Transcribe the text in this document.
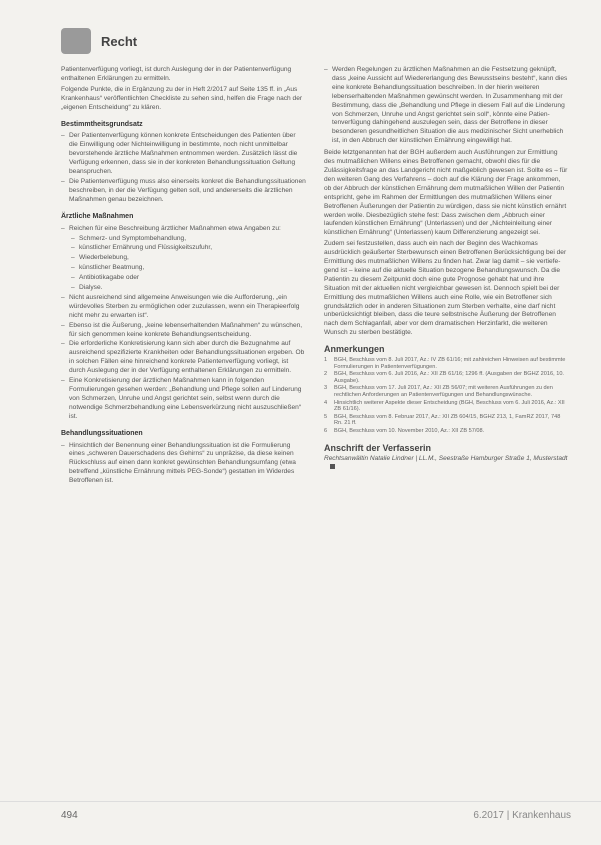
Recht

Patientenverfügung vorliegt, ist durch Auslegung der in der Patientenverfügung enthaltenen Erklärungen zu ermitteln.

Folgende Punkte, die in Ergänzung zu der in Heft 2/2017 auf Seite 135 ff. in „Aus Krankenhaus“ veröffentlichten Checkliste zu sehen sind, helfen die Frage nach der „eigenen Entscheidung“ zu klären.

Bestimmtheitsgrundsatz
– Der Patientenverfügung können konkrete Entscheidungen des Patienten über die Einwilligung oder Nichteinwilligung in bestimmte, noch nicht unmittelbar bevorstehende ärztliche Maßnahmen entnommen werden. Zusätzlich lässt die Verfügung erkennen, dass sie in der konkreten Behandlungssituation Geltung beanspruchen.
– Die Patientenverfügung muss also einerseits konkret die Behandlungssituationen beschreiben, in der die Verfügung gelten soll, und andererseits die ärztlichen Maßnahmen genau bezeichnen.
Ärztliche Maßnahmen
– Reichen für eine Beschreibung ärztlicher Maßnahmen etwa Angaben zu:
– Schmerz- und Symptombehandlung,
– künstlicher Ernährung und Flüssigkeitszufuhr,
– Wiederbelebung,
– künstlicher Beatmung,
– Antibiotikagabe oder
– Dialyse.
– Nicht ausreichend sind allgemeine Anweisungen wie die Aufforderung, „ein würdevolles Sterben zu ermöglichen oder zuzulassen, wenn ein Therapieerfolg nicht mehr zu erwarten ist“.
– Ebenso ist die Äußerung, „keine lebenserhaltenden Maßnahmen“ zu wünschen, für sich genommen keine konkrete Behandlungsentscheidung.
– Die erforderliche Konkretisierung kann sich aber durch die Bezugnahme auf ausreichend spezifizierte Krankheiten oder Behandlungssituationen ergeben. Ob in solchen Fällen eine hinreichend konkrete Patientenverfügung vorliegt, ist durch Auslegung der in der Verfügung enthaltenen Erklärungen zu ermitteln.
– Eine Konkretisierung der ärztlichen Maßnahmen kann in folgenden Formulierungen gesehen werden: „Behandlung und Pflege sollen auf Linderung von Schmerzen, Unruhe und Angst gerichtet sein, selbst wenn durch die notwendige Schmerzbehandlung eine Lebensverkürzung nicht auszuschließen“ ist.
Behandlungssituationen
– Hinsichtlich der Benennung einer Behandlungssituation ist die Formulierung eines „schweren Dauerschadens des Gehirns“ zu unpräzise, da diese keinen Rückschluss auf einen dann konkret gewünschten Behandlungsumfang (etwa betreffend „künstliche Ernährung mittels PEG-Sonde“) gestatten im Widerdes Betroffenen ist.
– Werden Regelungen zu ärztlichen Maßnahmen an die Festsetzung geknüpft, dass „keine Aussicht auf Wiedererlangung des Bewusstseins besteht“, kann dies eine konkrete Behandlungssituation beschreiben. In der hierin weiteren lebenserhaltenden Maßnahmen gewünscht werden. In Zusammenhang mit der Bestimmung, dass die „Behandlung und Pflege in diesem Fall auf die Linderung von Schmerzen, Unruhe und Angst gerichtet sein soll“, könnte eine Patientenverfügung dahingehend auszulegen sein, dass der Betroffene in dieser besonderen gesundheitlichen Situation die aus medizinischer Sicht unerheblich ist, in den Abbruch der künstlichen Ernährung eingewilligt hat.

Beide letztgenannten hat der BGH außerdem auch Ausführungen zur Ermittlung des mutmaßlichen Willens eines Betroffenen gemacht, obwohl dies für die Zulässigkeitsfrage an das Landgericht nicht maßgeblich gewesen ist. Sollte es – für den weiteren Gang des Verfahrens – doch auf die Klärung der Frage ankommen, ob der Abbruch der künstlichen Ernährung dem mutmaßlichen Willen der Patientin entspricht, gehe im Rahmen der Ermittlungen des mutmaßlichen Willens einer Betroffenen Äußerungen der Patientin zu würdigen, dass sie nicht künstlich ernährt werden wolle. Diesbezüglich stehe fest: Dass zwischen dem „Abbruch einer laufenden künstlichen Ernährung“ (Unterlassen) und der „Nichteinleitung einer künstlichen Ernährung“ (Unterlassen) kaum Differenzierung angezeigt sei.

Zudem sei festzustellen, dass auch ein nach der Beginn des Wachkomas ausdrücklich geäußerter Sterbewunsch einen Betroffenen Berücksichtigung bei der Ermittlung des mutmaßlichen Willens zu finden hat. Zwar lag damit – sie vertiefegend ist – keine auf die aktuelle Situation bezogene Behandlungswunsch. Da die Patientin zu diesem Zeitpunkt doch eine gute Prognose gehabt hat und ihre Situation mit der aktuellen nicht vergleichbar gewesen ist. Dennoch spielt bei der Ermittlung des mutmaßlichen Willens auch eine Rolle, wie ein Betroffener sich grundsätzlich oder in anderen Situationen zum Sterben verhalte, eine darf nicht unberücksichtigt bleiben, dass die teure selbstnische Äußerung der Betroffenen nach dem Schlaganfall, aber vor dem dramatischen Herzinfarkt, die weiteren Wunsch zu sterben bestätigte.

Anmerkungen
1	BGH, Beschluss vom 8. Juli 2017, Az.: IV ZB 61/16; mit zahlreichen Hinweisen auf bestimmte Formulierungen in Patientenverfügungen.
2	BGH, Beschluss vom 6. Juli 2016, Az.: XII ZB 61/16; 1296 ff. (Ausgaben der BGHZ 2016, 10. Ausgabe).
3	BGH, Beschluss vom 17. Juli 2017, Az.: XII ZB 56/07; mit weiteren Ausführungen zu den rechtlichen Anforderungen an Patientenverfügungen und Behandlungswünsche.
4	Hinsichtlich weiterer Aspekte dieser Entscheidung (BGH, Beschluss vom 6. Juli 2016, Az.: XII ZB 61/16).
5	BGH, Beschluss vom 8. Februar 2017, Az.: XII ZB 604/15, BGHZ 213, 1, FamRZ 2017, 748 Rn. 21 ff.
6	BGH, Beschluss vom 10. November 2010, Az.: XII ZB 57/08.
Anschrift der Verfasserin
Rechtsanwältin Natalie Lindner | LL.M., Seestraße Hamburger Straße 1, Musterstadt
494	6.2017 | Krankenhaus
